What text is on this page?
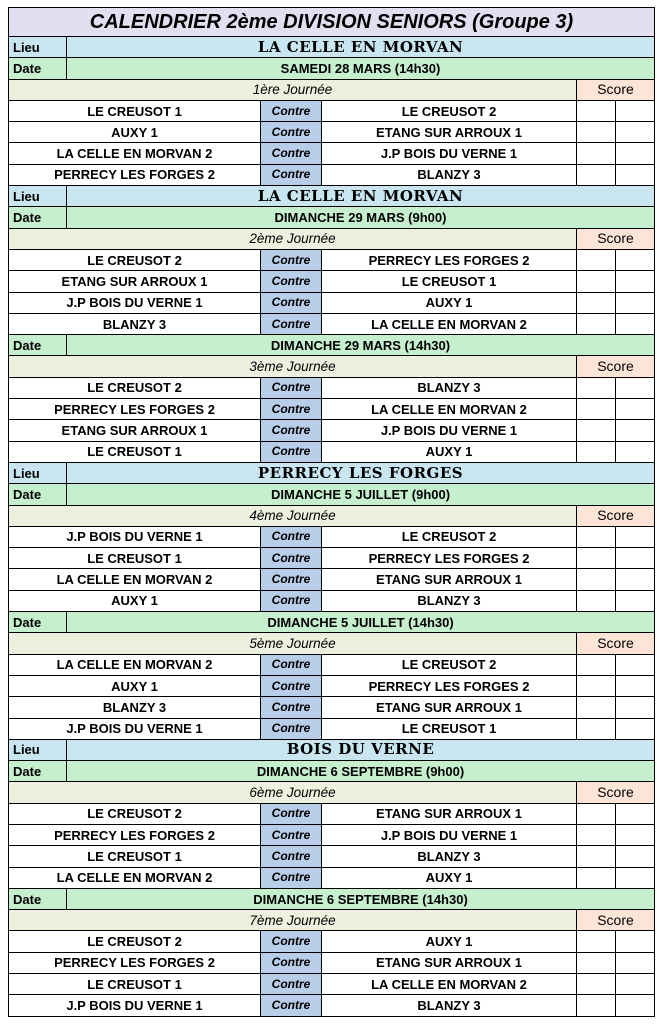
CALENDRIER 2ème DIVISION SENIORS (Groupe 3)					
Lieu	LA CELLE EN MORVAN				
Date	SAMEDI 28 MARS (14h30)				
1ère Journée				Score	
LE CREUSOT 1		Contre	LE CREUSOT 2		
AUXY 1		Contre	ETANG SUR ARROUX 1		
LA CELLE EN MORVAN 2		Contre	J.P BOIS DU VERNE 1		
PERRECY LES FORGES 2		Contre	BLANZY 3		
Lieu	LA CELLE EN MORVAN				
Date	DIMANCHE 29 MARS (9h00)				
2ème Journée				Score	
LE CREUSOT 2		Contre	PERRECY LES FORGES 2		
ETANG SUR ARROUX 1		Contre	LE CREUSOT 1		
J.P BOIS DU VERNE 1		Contre	AUXY 1		
BLANZY 3		Contre	LA CELLE EN MORVAN 2		
Date	DIMANCHE 29 MARS (14h30)				
3ème Journée				Score	
LE CREUSOT 2		Contre	BLANZY 3		
PERRECY LES FORGES 2		Contre	LA CELLE EN MORVAN 2		
ETANG SUR ARROUX 1		Contre	J.P BOIS DU VERNE 1		
LE CREUSOT 1		Contre	AUXY 1		
Lieu	PERRECY LES FORGES				
Date	DIMANCHE 5 JUILLET (9h00)				
4ème Journée				Score	
J.P BOIS DU VERNE 1		Contre	LE CREUSOT 2		
LE CREUSOT 1		Contre	PERRECY LES FORGES 2		
LA CELLE EN MORVAN 2		Contre	ETANG SUR ARROUX 1		
AUXY 1		Contre	BLANZY 3		
Date	DIMANCHE 5 JUILLET (14h30)				
5ème Journée				Score	
LA CELLE EN MORVAN 2		Contre	LE CREUSOT 2		
AUXY 1		Contre	PERRECY LES FORGES 2		
BLANZY 3		Contre	ETANG SUR ARROUX 1		
J.P BOIS DU VERNE 1		Contre	LE CREUSOT 1		
Lieu	BOIS DU VERNE				
Date	DIMANCHE 6 SEPTEMBRE (9h00)				
6ème Journée				Score	
LE CREUSOT 2		Contre	ETANG SUR ARROUX 1		
PERRECY LES FORGES 2		Contre	J.P BOIS DU VERNE 1		
LE CREUSOT 1		Contre	BLANZY 3		
LA CELLE EN MORVAN 2		Contre	AUXY 1		
Date	DIMANCHE 6 SEPTEMBRE (14h30)				
7ème Journée				Score	
LE CREUSOT 2		Contre	AUXY 1		
PERRECY LES FORGES 2		Contre	ETANG SUR ARROUX 1		
LE CREUSOT 1		Contre	LA CELLE EN MORVAN 2		
J.P BOIS DU VERNE 1		Contre	BLANZY 3		
